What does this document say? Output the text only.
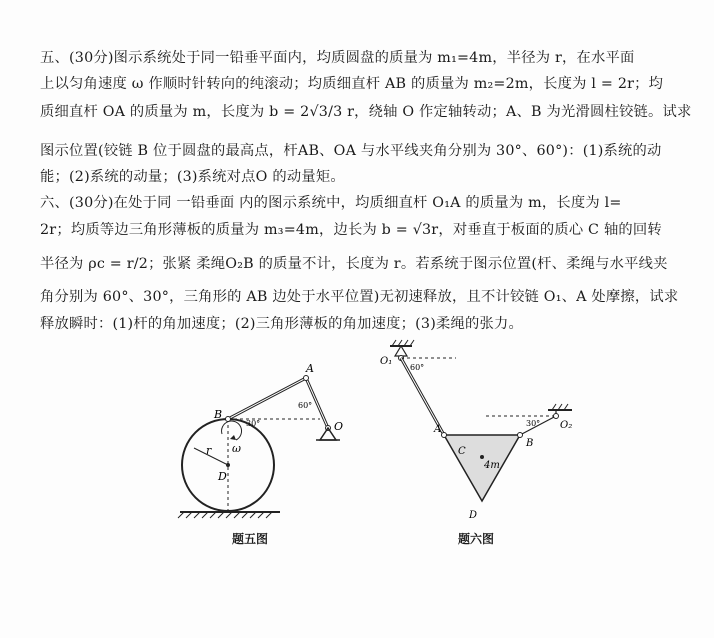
五、(30分)图示系统处于同一铅垂平面内，均质圆盘的质量为 m₁=4m，半径为 r，在水平面
上以匀角速度 ω 作顺时针转向的纯滚动；均质细直杆 AB 的质量为 m₂=2m，长度为 l = 2r；均
质细直杆 OA 的质量为 m，长度为 b = 2√3/3 r，绕轴 O 作定轴转动；A、B 为光滑圆柱铰链。试求
图示位置(铰链 B 位于圆盘的最高点，杆AB、OA 与水平线夹角分别为 30°、60°)：(1)系统的动
能；(2)系统的动量；(3)系统对点O 的动量矩。
六、(30分)在处于同 一铅垂面 内的图示系统中，均质细直杆 O₁A 的质量为 m，长度为 l=
2r；均质等边三角形薄板的质量为 m₃=4m，边长为 b = √3r，对垂直于板面的质心 C 轴的回转
半径为 ρc = r/2；张紧 柔绳O₂B 的质量不计，长度为 r。若系统于图示位置(杆、柔绳与水平线夹
角分别为 60°、30°，三角形的 AB 边处于水平位置)无初速释放，且不计铰链 O₁、A 处摩擦，试求
释放瞬时：(1)杆的角加速度；(2)三角形薄板的角加速度；(3)柔绳的张力。
B
A
O
D
r ω
30°
60°
题五图
O₁
60°
A
B
C
4m
D
30° O₂
题六图
